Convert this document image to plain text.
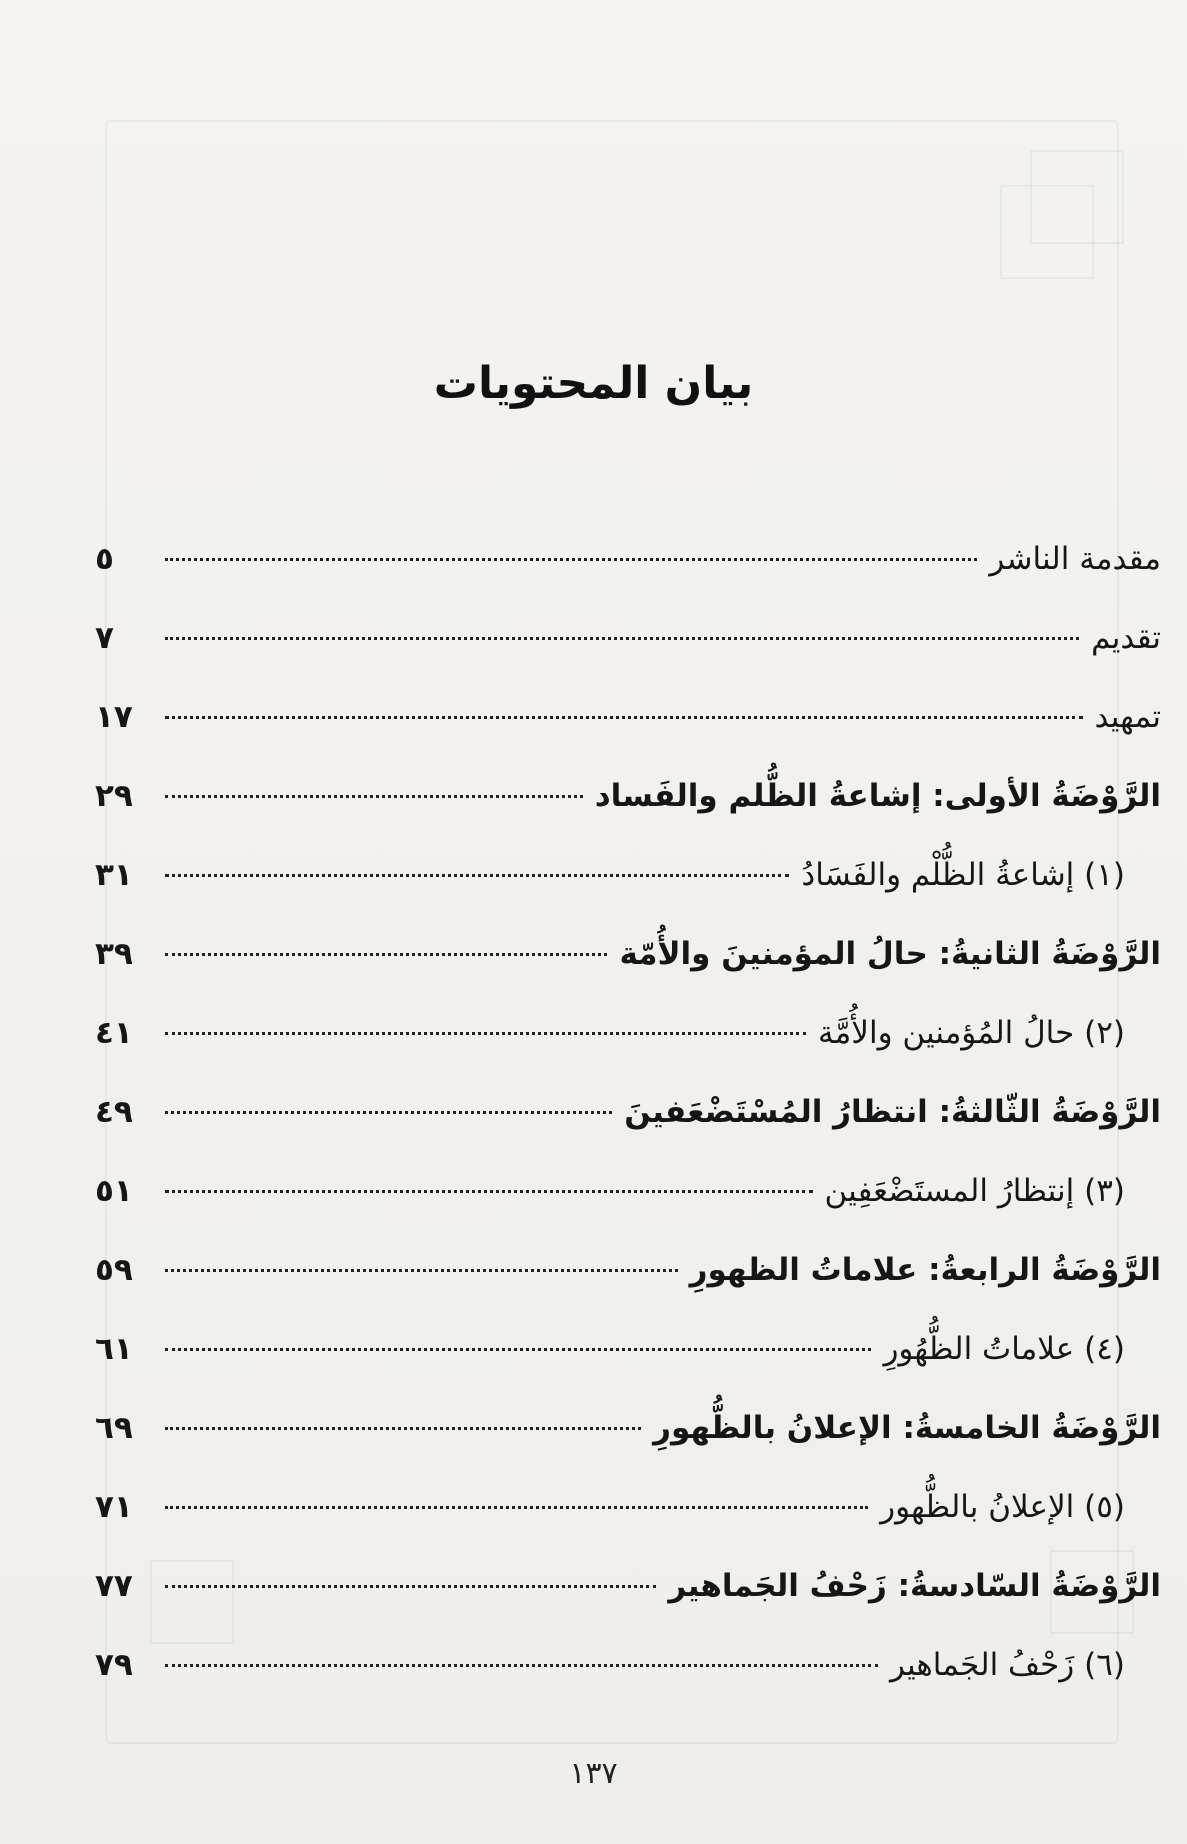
بيان المحتويات
مقدمة الناشر
٥
تقديم
٧
تمهيد
١٧
الرَّوْضَةُ الأولى: إشاعةُ الظُّلم والفَساد
٢٩
(١) إشاعةُ الظُّلْم والفَسَادُ
٣١
الرَّوْضَةُ الثانيةُ: حالُ المؤمنينَ والأُمّة
٣٩
(٢) حالُ المُؤمنين والأُمَّة
٤١
الرَّوْضَةُ الثّالثةُ: انتظارُ المُسْتَضْعَفينَ
٤٩
(٣) إنتظارُ المستَضْعَفِين
٥١
الرَّوْضَةُ الرابعةُ: علاماتُ الظهورِ
٥٩
(٤) علاماتُ الظُّهُورِ
٦١
الرَّوْضَةُ الخامسةُ: الإعلانُ بالظُّهورِ
٦٩
(٥) الإعلانُ بالظُّهور
٧١
الرَّوْضَةُ السّادسةُ: زَحْفُ الجَماهير
٧٧
(٦) زَحْفُ الجَماهير
٧٩
١٣٧
